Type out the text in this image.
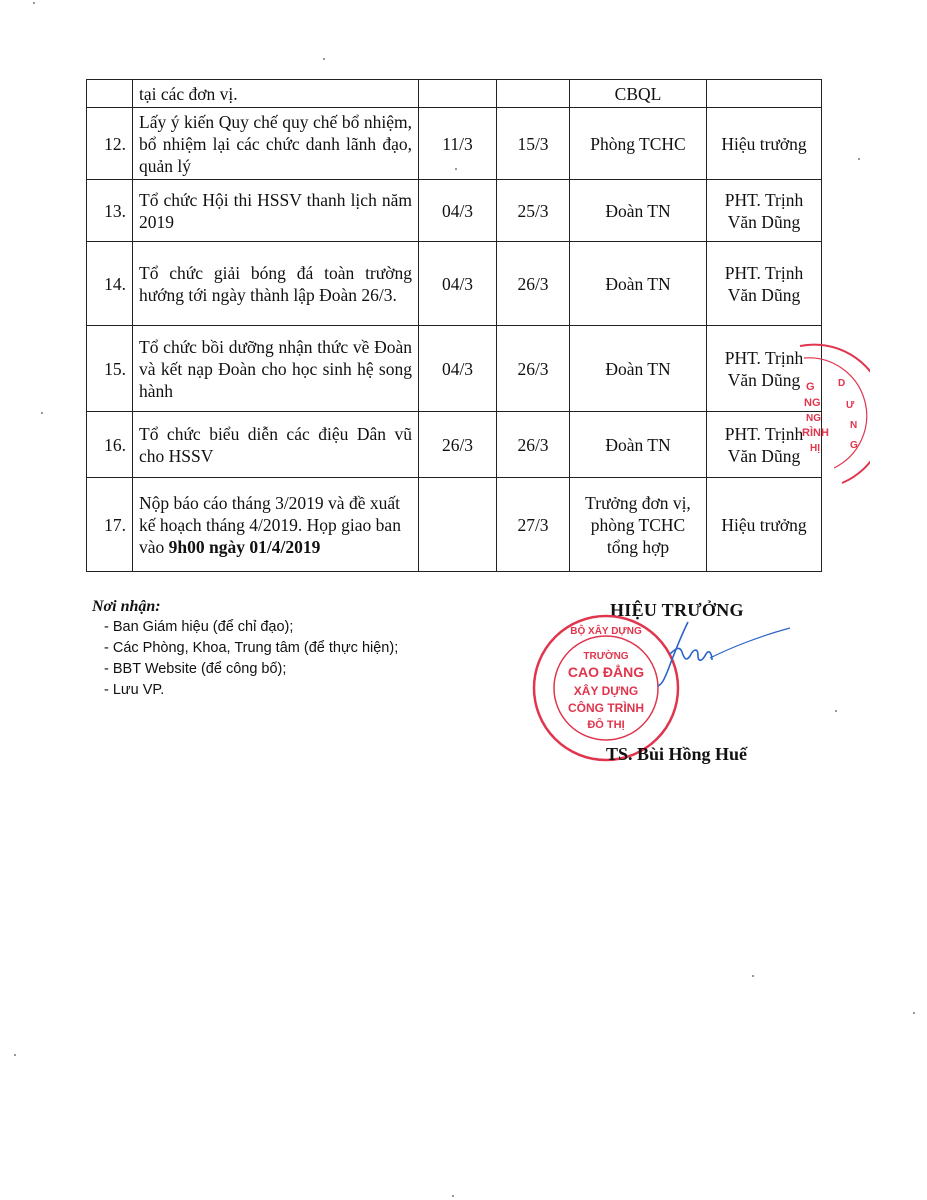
	tại các đơn vị.			CBQL	
12.	Lấy ý kiến Quy chế quy chế bổ nhiệm, bổ nhiệm lại các chức danh lãnh đạo, quản lý	11/3	15/3	Phòng TCHC	Hiệu trưởng
13.	Tổ chức Hội thi HSSV thanh lịch năm 2019	04/3	25/3	Đoàn TN	PHT. Trịnh Văn Dũng
14.	Tổ chức giải bóng đá toàn trường hướng tới ngày thành lập Đoàn 26/3.	04/3	26/3	Đoàn TN	PHT. Trịnh Văn Dũng
15.	Tổ chức bồi dưỡng nhận thức về Đoàn và kết nạp Đoàn cho học sinh hệ song hành	04/3	26/3	Đoàn TN	PHT. Trịnh Văn Dũng
16.	Tổ chức biểu diễn các điệu Dân vũ cho HSSV	26/3	26/3	Đoàn TN	PHT. Trịnh Văn Dũng
17.	Nộp báo cáo tháng 3/2019 và đề xuất kế hoạch tháng 4/2019. Họp giao ban vào 9h00 ngày 01/4/2019		27/3	Trưởng đơn vị, phòng TCHC tổng hợp	Hiệu trưởng
G
NG
NG
RÌNH
HỊ
D
Ư
N
G
Nơi nhận:
- Ban Giám hiệu (để chỉ đạo);
- Các Phòng, Khoa, Trung tâm (để thực hiện);
- BBT Website (để công bố);
- Lưu VP.
HIỆU TRƯỞNG
BỘ XÂY DỰNG
TRƯỜNG
CAO ĐẲNG
XÂY DỰNG
CÔNG TRÌNH
ĐÔ THỊ
TS. Bùi Hồng Huế
